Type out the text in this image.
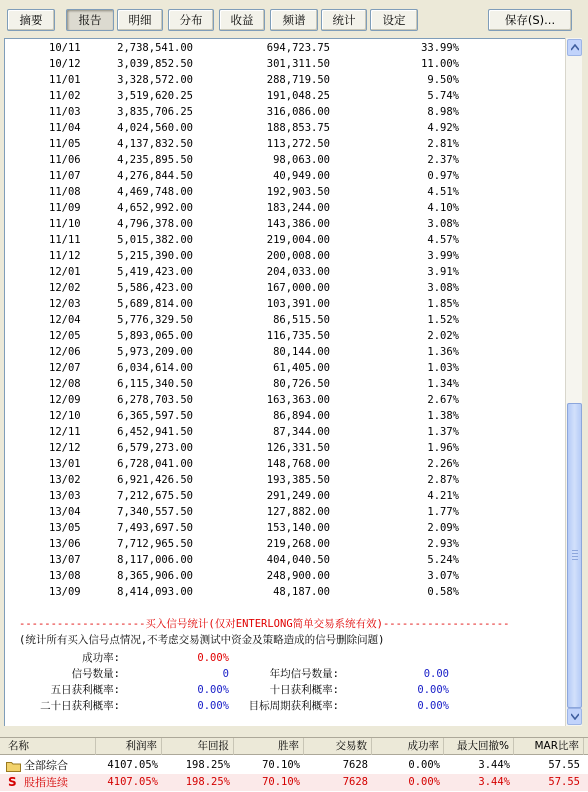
摘要	报告	明细	分布	收益	频谱	统计	设定	保存(S)...
10/11	2,738,541.00	694,723.75	33.99%
10/12	3,039,852.50	301,311.50	11.00%
11/01	3,328,572.00	288,719.50	9.50%
11/02	3,519,620.25	191,048.25	5.74%
11/03	3,835,706.25	316,086.00	8.98%
11/04	4,024,560.00	188,853.75	4.92%
11/05	4,137,832.50	113,272.50	2.81%
11/06	4,235,895.50	98,063.00	2.37%
11/07	4,276,844.50	40,949.00	0.97%
11/08	4,469,748.00	192,903.50	4.51%
11/09	4,652,992.00	183,244.00	4.10%
11/10	4,796,378.00	143,386.00	3.08%
11/11	5,015,382.00	219,004.00	4.57%
11/12	5,215,390.00	200,008.00	3.99%
12/01	5,419,423.00	204,033.00	3.91%
12/02	5,586,423.00	167,000.00	3.08%
12/03	5,689,814.00	103,391.00	1.85%
12/04	5,776,329.50	86,515.50	1.52%
12/05	5,893,065.00	116,735.50	2.02%
12/06	5,973,209.00	80,144.00	1.36%
12/07	6,034,614.00	61,405.00	1.03%
12/08	6,115,340.50	80,726.50	1.34%
12/09	6,278,703.50	163,363.00	2.67%
12/10	6,365,597.50	86,894.00	1.38%
12/11	6,452,941.50	87,344.00	1.37%
12/12	6,579,273.00	126,331.50	1.96%
13/01	6,728,041.00	148,768.00	2.26%
13/02	6,921,426.50	193,385.50	2.87%
13/03	7,212,675.50	291,249.00	4.21%
13/04	7,340,557.50	127,882.00	1.77%
13/05	7,493,697.50	153,140.00	2.09%
13/06	7,712,965.50	219,268.00	2.93%
13/07	8,117,006.00	404,040.50	5.24%
13/08	8,365,906.00	248,900.00	3.07%
13/09	8,414,093.00	48,187.00	0.58%
--------------------买入信号统计(仅对ENTERLONG简单交易系统有效)--------------------
(统计所有买入信号点情况,不考虑交易测试中资金及策略造成的信号删除问题)
成功率:	0.00%
信号数量:	0	年均信号数量:	0.00
五日获利概率:	0.00%	十日获利概率:	0.00%
二十日获利概率:	0.00%	目标周期获利概率:	0.00%
名称	利润率	年回报	胜率	交易数	成功率	最大回撤%	MAR比率
全部综合	4107.05%	198.25%	70.10%	7628	0.00%	3.44%	57.55
S 股指连续	4107.05%	198.25%	70.10%	7628	0.00%	3.44%	57.55
